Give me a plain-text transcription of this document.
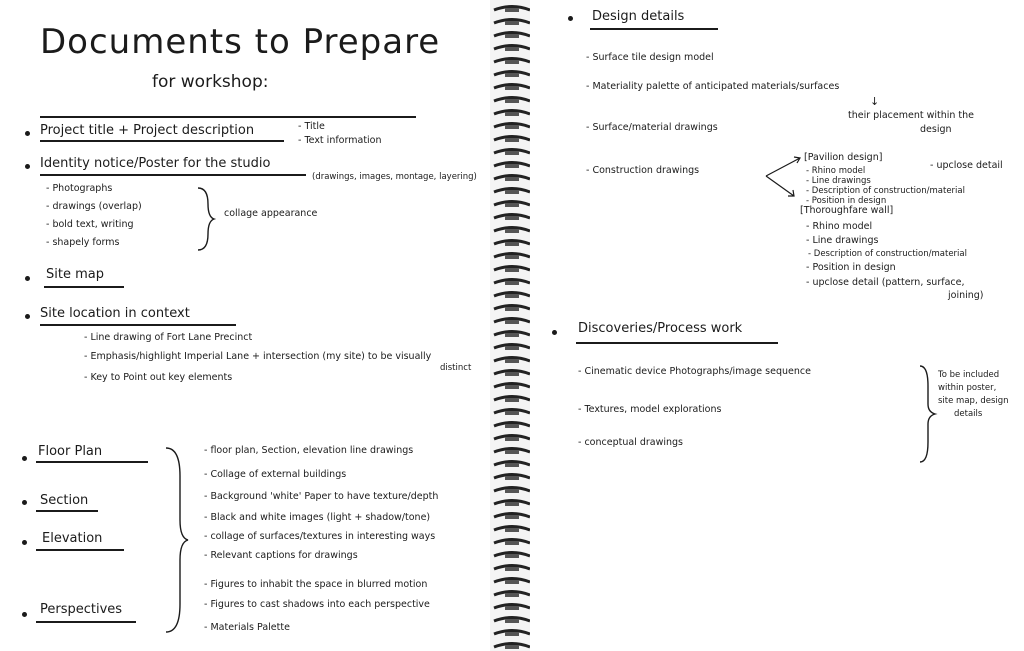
Documents to Prepare
for workshop:
Project title + Project description	- Title
- Text information
Identity notice/Poster for the studio
(drawings, images, montage, layering)
- Photographs
- drawings (overlap)
- bold text, writing
- shapely forms
collage appearance
Site map
Site location in context
- Line drawing of Fort Lane Precinct
- Emphasis/highlight Imperial Lane + intersection (my site) to be visually
distinct
- Key to Point out key elements
Floor Plan
Section
Elevation
Perspectives
- floor plan, Section, elevation line drawings
- Collage of external buildings
- Background 'white' Paper to have texture/depth
- Black and white images (light + shadow/tone)
- collage of surfaces/textures in interesting ways
- Relevant captions for drawings
- Figures to inhabit the space in blurred motion
- Figures to cast shadows into each perspective
- Materials Palette
Design details
- Surface tile design model
- Materiality palette of anticipated materials/surfaces
↓
their placement within the
design
- Surface/material drawings
- Construction drawings
[Pavilion design]
- upclose detail
- Rhino model
- Line drawings
- Description of construction/material
- Position in design
[Thoroughfare wall]
- Rhino model
- Line drawings
- Description of construction/material
- Position in design
- upclose detail (pattern, surface,
joining)
Discoveries/Process work
- Cinematic device Photographs/image sequence
- Textures, model explorations
- conceptual drawings
To be included
within poster,
site map, design
details
